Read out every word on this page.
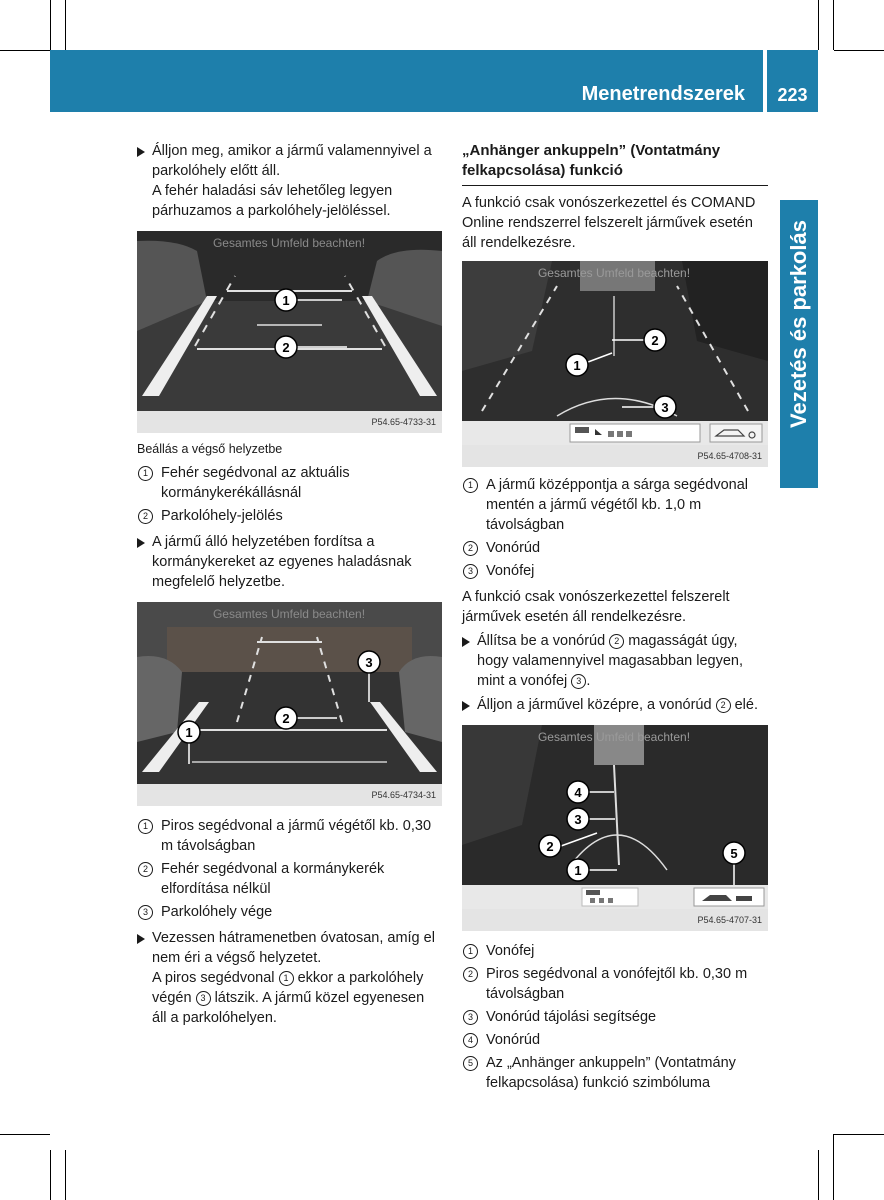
Menetrendszerek	223
Vezetés és parkolás

Álljon meg, amikor a jármű valamennyivel a parkolóhely előtt áll.

A fehér haladási sáv lehetőleg legyen párhuzamos a parkolóhely-jelöléssel.

Gesamtes Umfeld beachten!
1
2
P54.65-4733-31

Beállás a végső helyzetbe

1 Fehér segédvonal az aktuális kormánykerékállásnál
2 Parkolóhely-jelölés

A jármű álló helyzetében fordítsa a kormánykereket az egyenes haladásnak megfelelő helyzetbe.

Gesamtes Umfeld beachten!
1
2
3
P54.65-4734-31
1 Piros segédvonal a jármű végétől kb. 0,30 m távolságban
2 Fehér segédvonal a kormánykerék elfordítása nélkül
3 Parkolóhely vége

Vezessen hátramenetben óvatosan, amíg el nem éri a végső helyzetet.

A piros segédvonal 1 ekkor a parkolóhely végén 3 látszik. A jármű közel egyenesen áll a parkolóhelyen.

„Anhänger ankuppeln” (Vontatmány felkapcsolása) funkció

A funkció csak vonószerkezettel és COMAND Online rendszerrel felszerelt járművek esetén áll rendelkezésre.

Gesamtes Umfeld beachten!
1
2
3
P54.65-4708-31
1 A jármű középpontja a sárga segédvonal mentén a jármű végétől kb. 1,0 m távolságban
2 Vonórúd
3 Vonófej

A funkció csak vonószerkezettel felszerelt járművek esetén áll rendelkezésre.

Állítsa be a vonórúd 2 magasságát úgy, hogy valamennyivel magasabban legyen, mint a vonófej 3 .

Álljon a járművel középre, a vonórúd 2 elé.

Gesamtes Umfeld beachten!
1
2
3
4
5
P54.65-4707-31
1 Vonófej
2 Piros segédvonal a vonófejtől kb. 0,30 m távolságban
3 Vonórúd tájolási segítsége
4 Vonórúd
5 Az „Anhänger ankuppeln” (Vontatmány felkapcsolása) funkció szimbóluma
